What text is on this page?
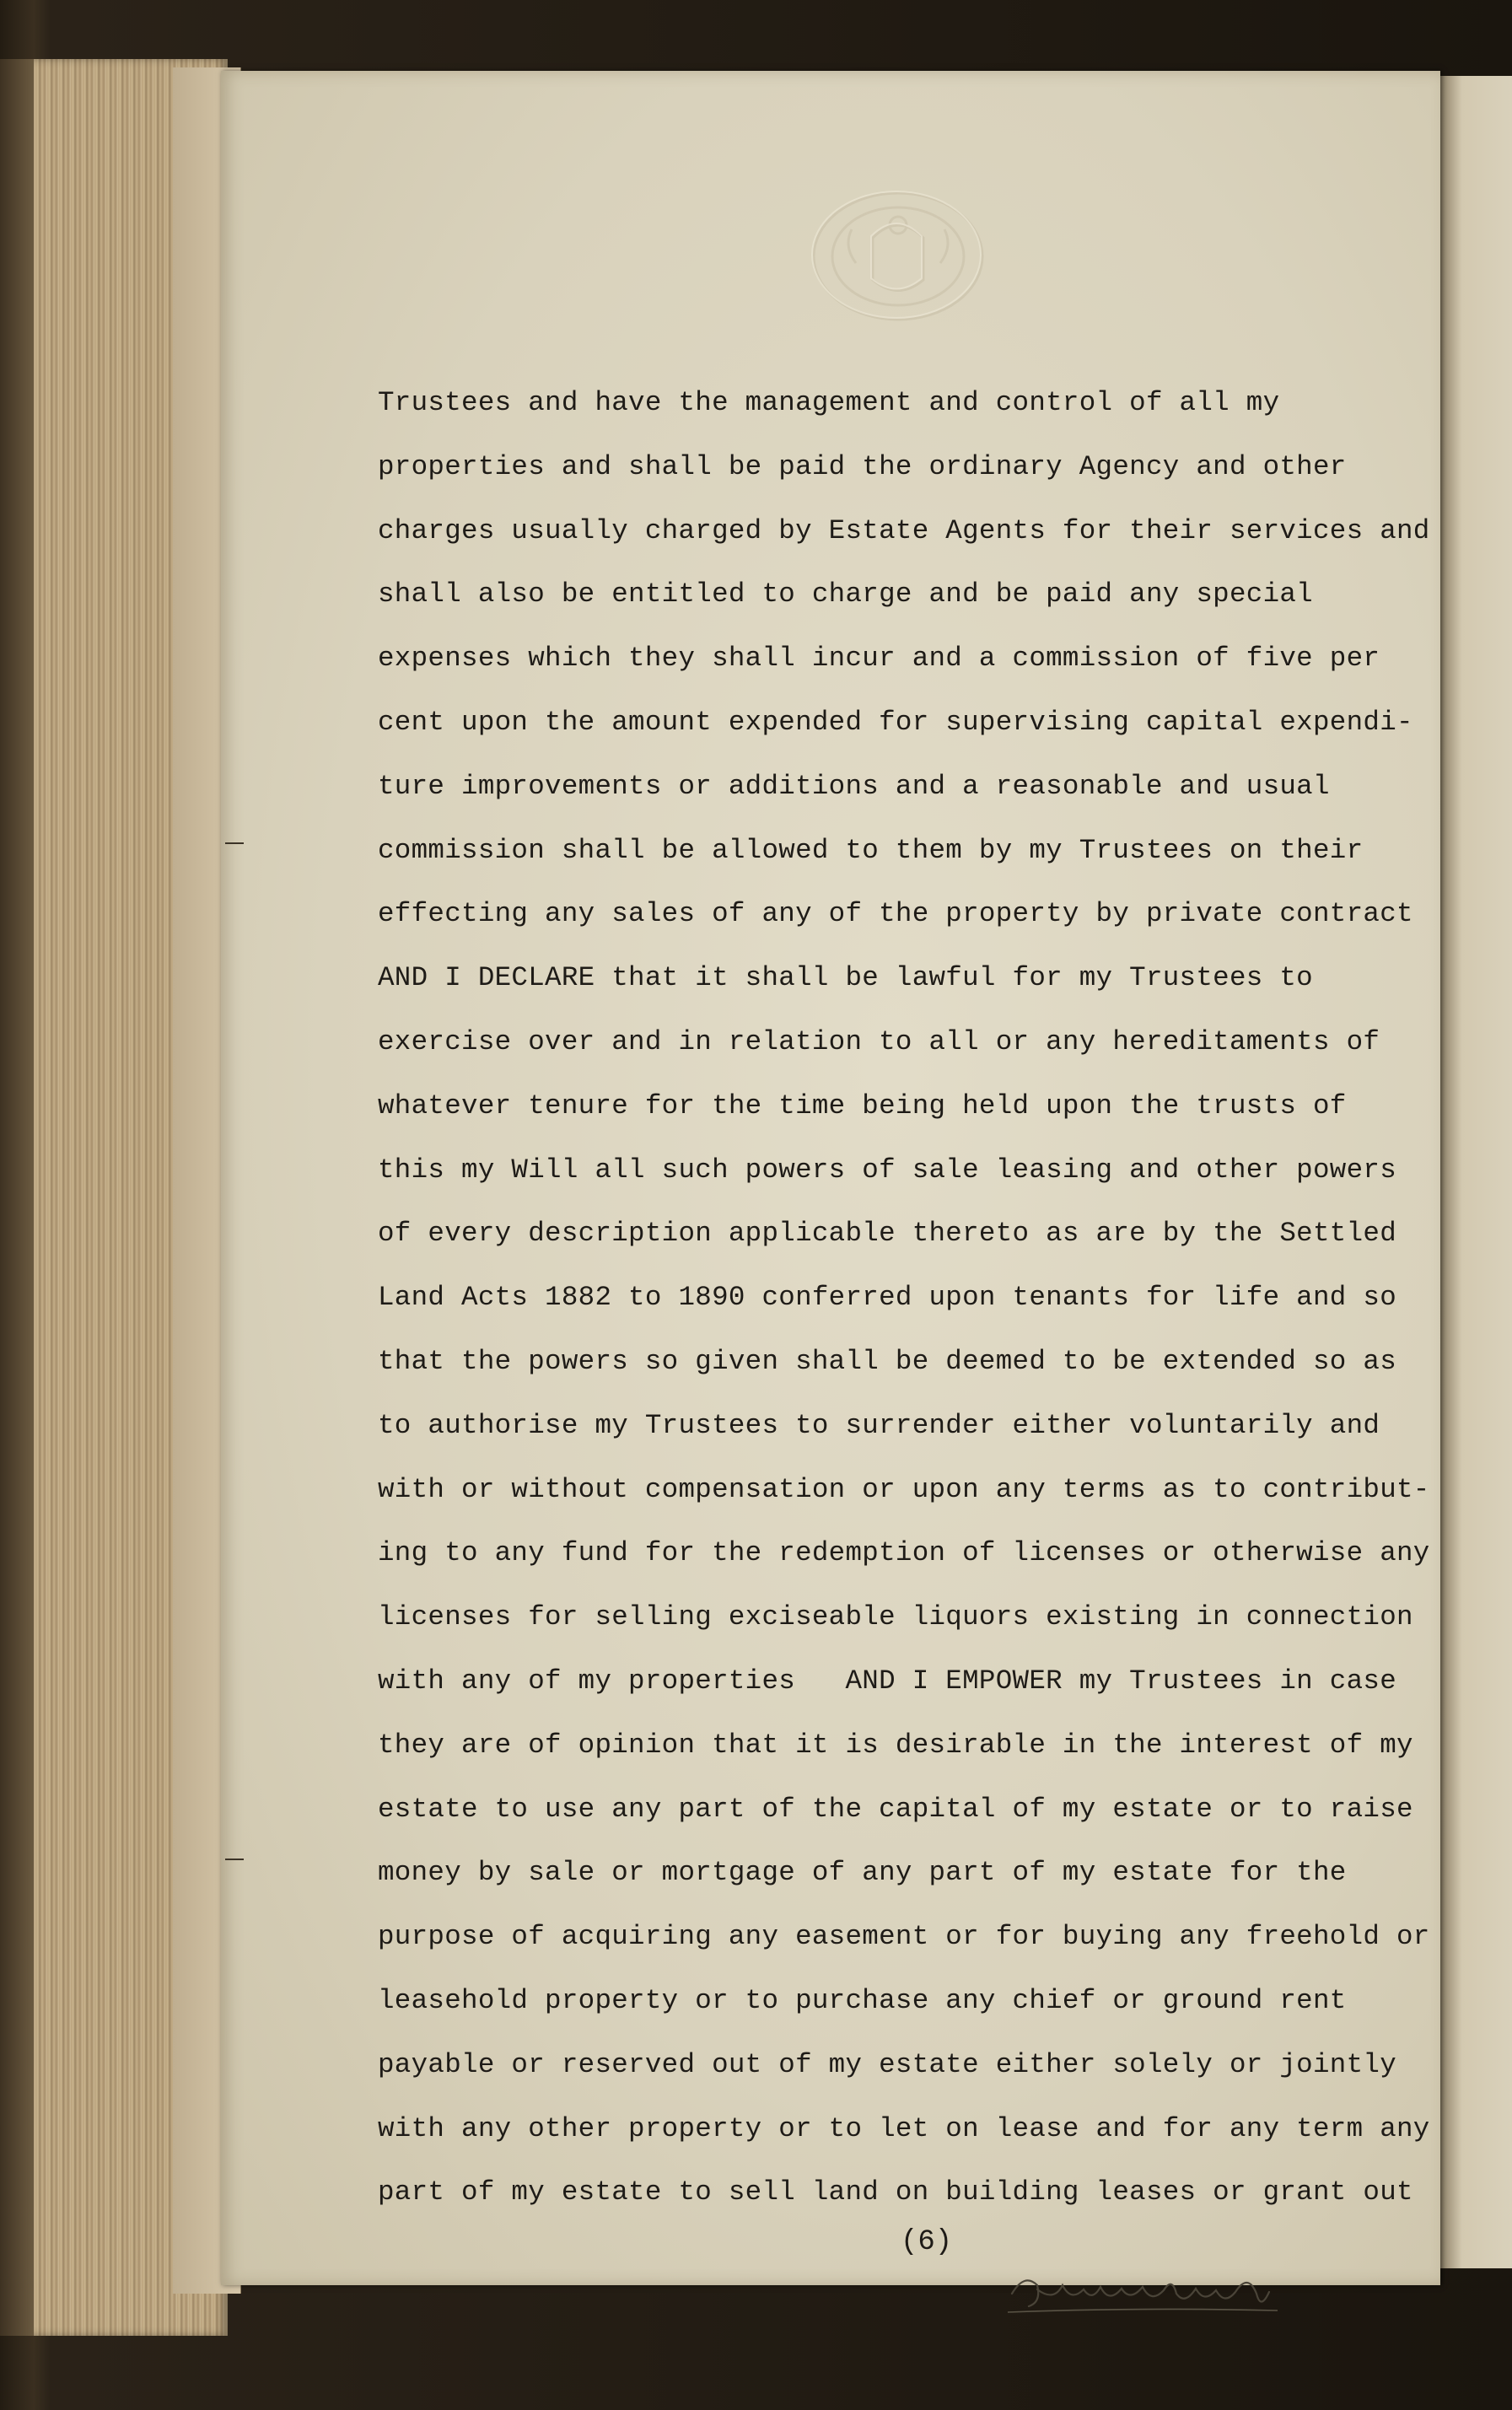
Trustees and have the management and control of all my
properties and shall be paid the ordinary Agency and other
charges usually charged by Estate Agents for their services and
shall also be entitled to charge and be paid any special
expenses which they shall incur and a commission of five per
cent upon the amount expended for supervising capital expendi-
ture improvements or additions and a reasonable and usual
commission shall be allowed to them by my Trustees on their
effecting any sales of any of the property by private contract
AND I DECLARE that it shall be lawful for my Trustees to
exercise over and in relation to all or any hereditaments of
whatever tenure for the time being held upon the trusts of
this my Will all such powers of sale leasing and other powers
of every description applicable thereto as are by the Settled
Land Acts 1882 to 1890 conferred upon tenants for life and so
that the powers so given shall be deemed to be extended so as
to authorise my Trustees to surrender either voluntarily and
with or without compensation or upon any terms as to contribut-
ing to any fund for the redemption of licenses or otherwise any
licenses for selling exciseable liquors existing in connection
with any of my properties   AND I EMPOWER my Trustees in case
they are of opinion that it is desirable in the interest of my
estate to use any part of the capital of my estate or to raise
money by sale or mortgage of any part of my estate for the
purpose of acquiring any easement or for buying any freehold or
leasehold property or to purchase any chief or ground rent
payable or reserved out of my estate either solely or jointly
with any other property or to let on lease and for any term any
part of my estate to sell land on building leases or grant out
(6)
